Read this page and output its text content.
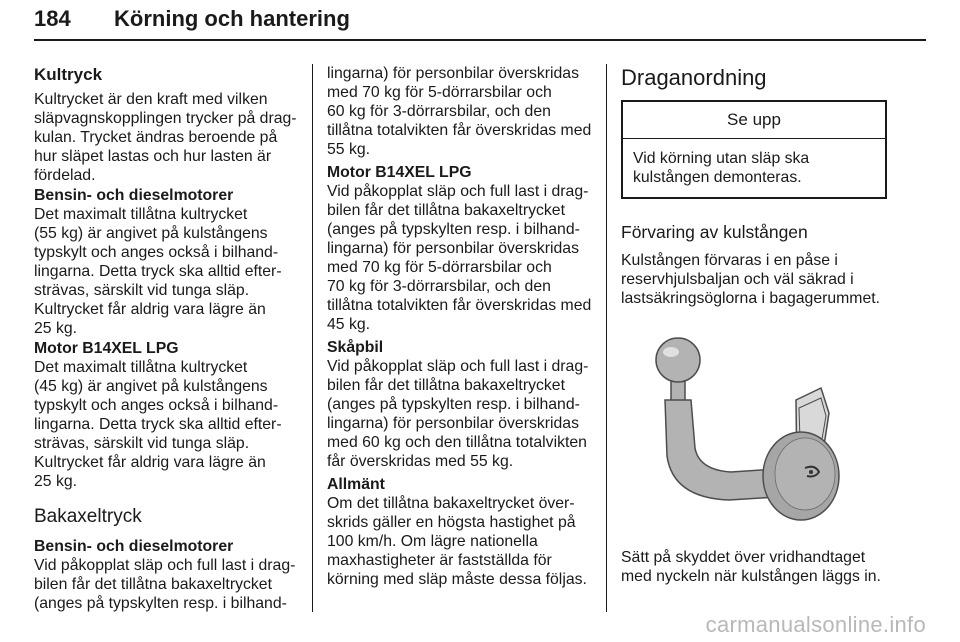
184 Körning och hantering
Kultryck
Kultrycket är den kraft med vilken
släpvagnskopplingen trycker på drag-
kulan. Trycket ändras beroende på
hur släpet lastas och hur lasten är
fördelad.
Bensin- och dieselmotorer
Det maximalt tillåtna kultrycket
(55 kg) är angivet på kulstångens
typskylt och anges också i bilhand-
lingarna. Detta tryck ska alltid efter-
strävas, särskilt vid tunga släp.
Kultrycket får aldrig vara lägre än
25 kg.
Motor B14XEL LPG
Det maximalt tillåtna kultrycket
(45 kg) är angivet på kulstångens
typskylt och anges också i bilhand-
lingarna. Detta tryck ska alltid efter-
strävas, särskilt vid tunga släp.
Kultrycket får aldrig vara lägre än
25 kg.
Bakaxeltryck
Bensin- och dieselmotorer
Vid påkopplat släp och full last i drag-
bilen får det tillåtna bakaxeltrycket
(anges på typskylten resp. i bilhand-
lingarna) för personbilar överskridas
med 70 kg för 5-dörrarsbilar och
60 kg för 3-dörrarsbilar, och den
tillåtna totalvikten får överskridas med
55 kg.
Motor B14XEL LPG
Vid påkopplat släp och full last i drag-
bilen får det tillåtna bakaxeltrycket
(anges på typskylten resp. i bilhand-
lingarna) för personbilar överskridas
med 70 kg för 5-dörrarsbilar och
70 kg för 3-dörrarsbilar, och den
tillåtna totalvikten får överskridas med
45 kg.
Skåpbil
Vid påkopplat släp och full last i drag-
bilen får det tillåtna bakaxeltrycket
(anges på typskylten resp. i bilhand-
lingarna) för personbilar överskridas
med 60 kg och den tillåtna totalvikten
får överskridas med 55 kg.
Allmänt
Om det tillåtna bakaxeltrycket över-
skrids gäller en högsta hastighet på
100 km/h. Om lägre nationella
maxhastigheter är fastställda för
körning med släp måste dessa följas.
Draganordning
Se upp
Vid körning utan släp ska
kulstången demonteras.
Förvaring av kulstången
Kulstången förvaras i en påse i
reservhjulsbaljan och väl säkrad i
lastsäkringsöglorna i bagagerummet.
Sätt på skyddet över vridhandtaget
med nyckeln när kulstången läggs in.
carmanualsonline.info
